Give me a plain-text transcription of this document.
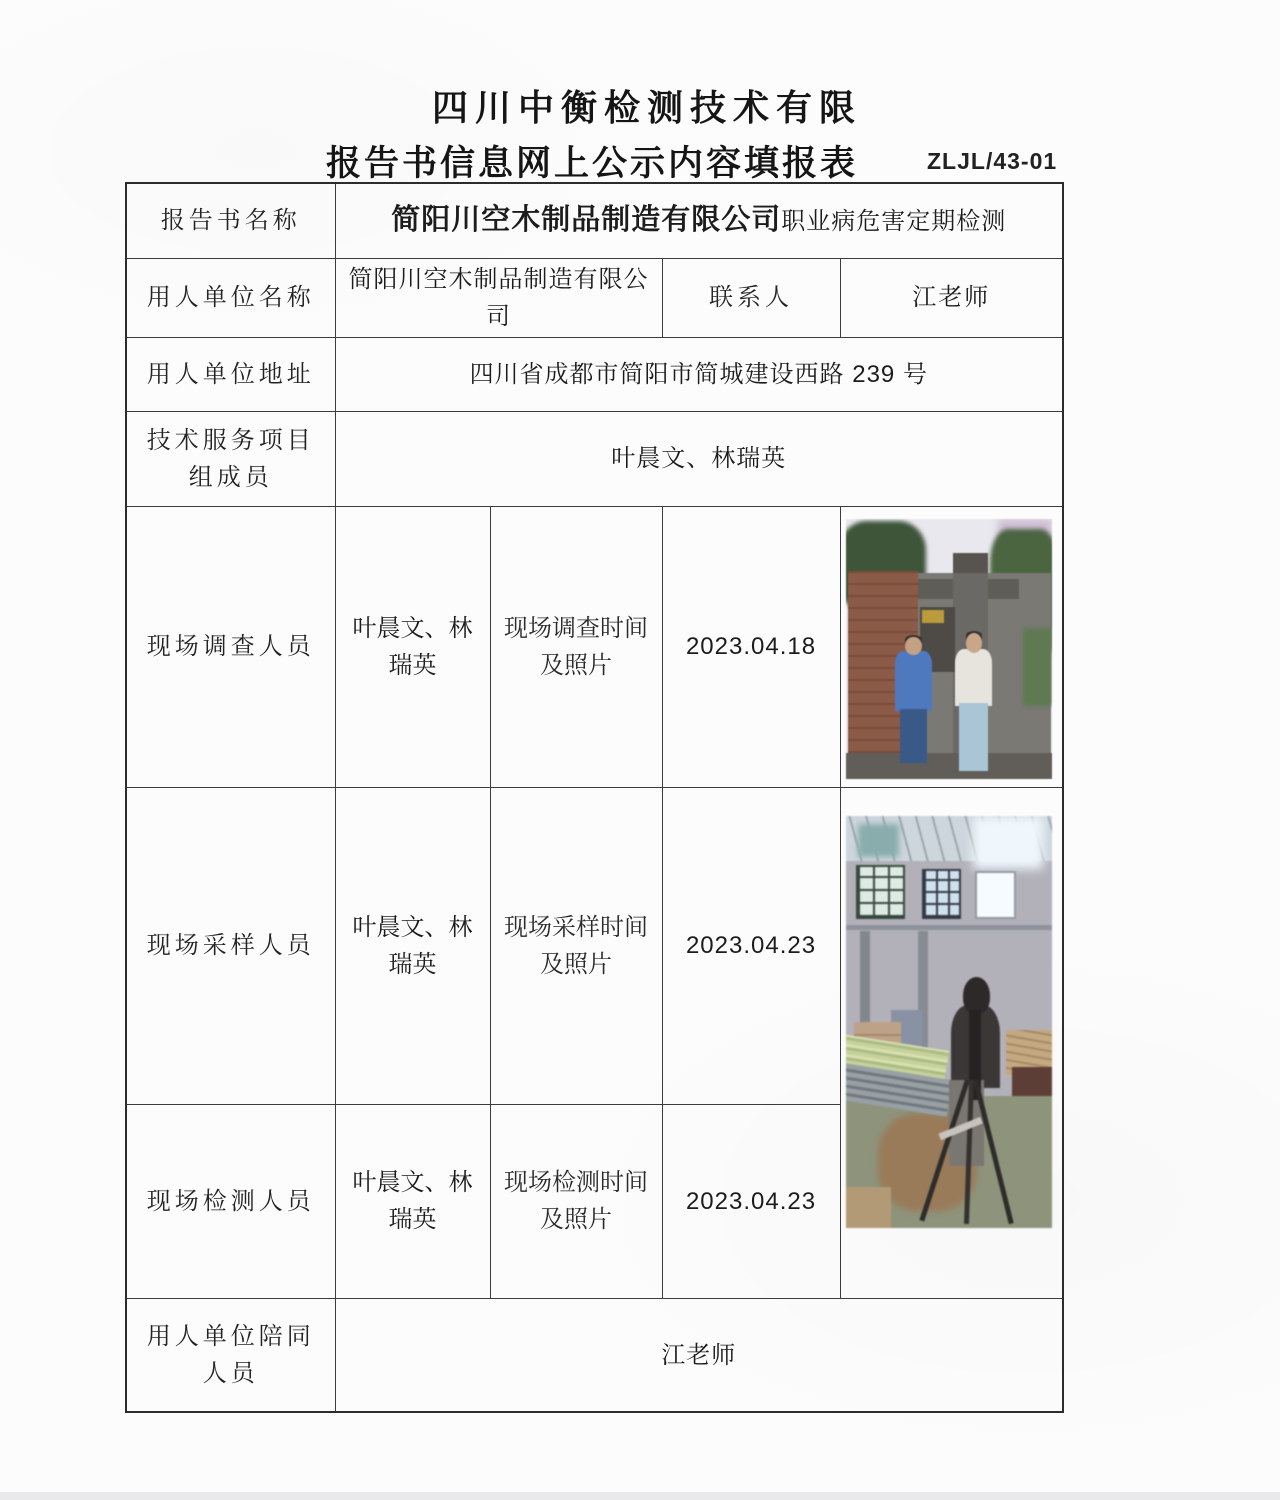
四川中衡检测技术有限
报告书信息网上公示内容填报表	ZLJL/43-01
报告书名称	简阳川空木制品制造有限公司职业病危害定期检测			
用人单位名称	简阳川空木制品制造有限公司		联系人	江老师
用人单位地址	四川省成都市简阳市简城建设西路 239 号			
技术服务项目组成员	叶晨文、林瑞英			
现场调查人员	叶晨文、林瑞英	现场调查时间及照片	2023.04.18	

现场采样人员	叶晨文、林瑞英	现场采样时间及照片	2023.04.23	

现场检测人员	叶晨文、林瑞英	现场检测时间及照片	2023.04.23	
用人单位陪同人员	江老师			
